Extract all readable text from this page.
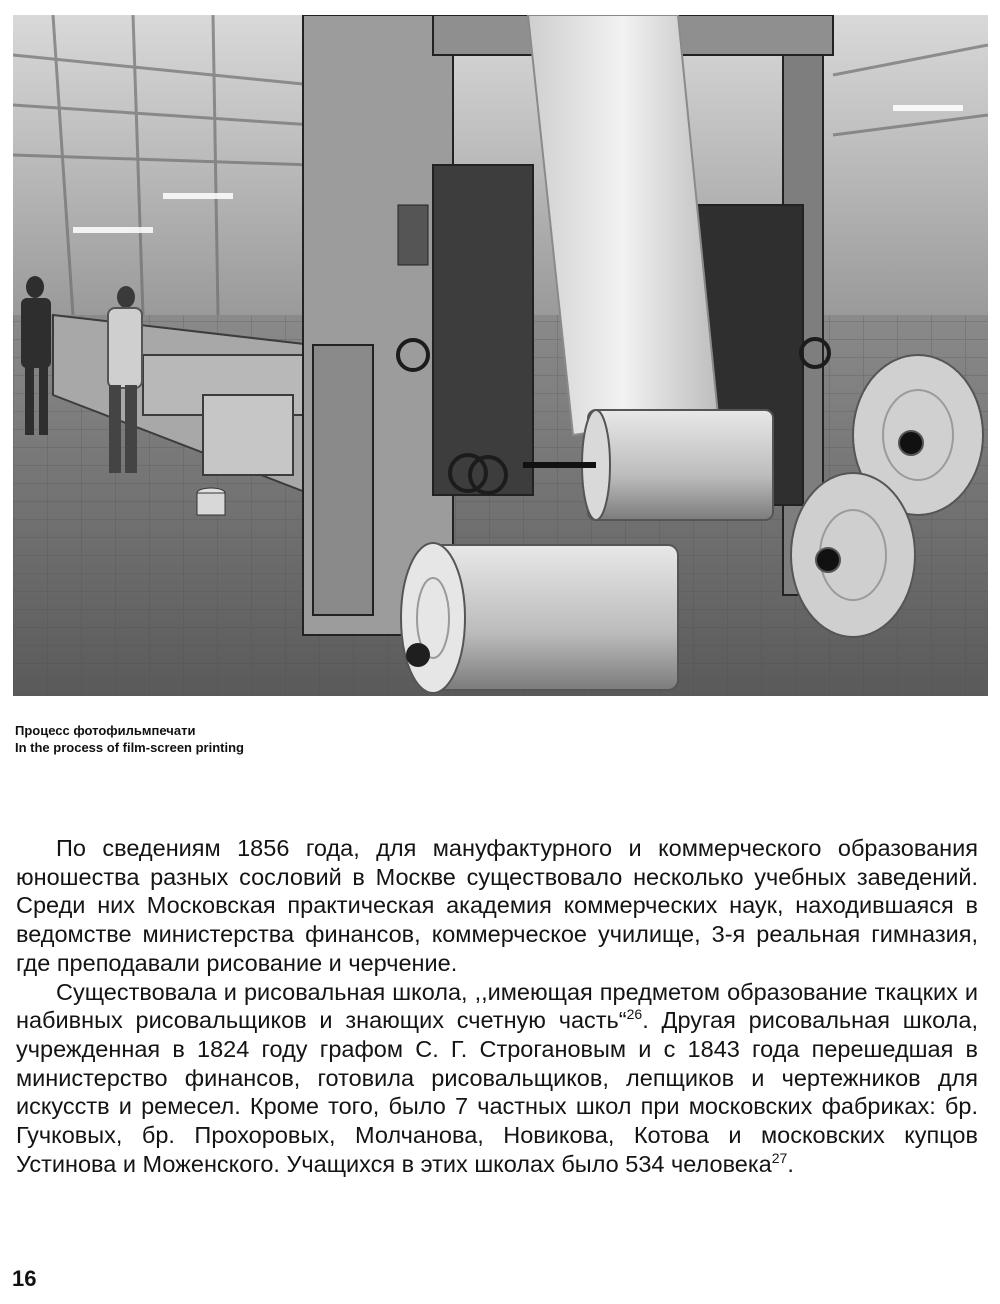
Процесс фотофильмпечати
In the process of film-screen printing

По сведениям 1856 года, для мануфактурного и коммерческого образования юношества разных сословий в Москве существовало несколько учебных заведений. Среди них Московская практическая академия коммерческих наук, находившаяся в ведомстве министерства финансов, коммерческое училище, 3-я реальная гимназия, где преподавали рисование и черчение.

Существовала и рисовальная школа, ,,имеющая предметом образование ткацких и набивных рисовальщиков и знающих счетную часть“$^{26}$. Другая рисовальная школа, учрежденная в 1824 году графом С. Г. Строгановым и с 1843 года перешедшая в министерство финансов, готовила рисовальщиков, лепщиков и чертежников для искусств и ремесел. Кроме того, было 7 частных школ при московских фабриках: бр. Гучковых, бр. Прохоровых, Молчанова, Новикова, Котова и московских купцов Устинова и Моженского. Учащихся в этих школах было 534 человека$^{27}$.

16
